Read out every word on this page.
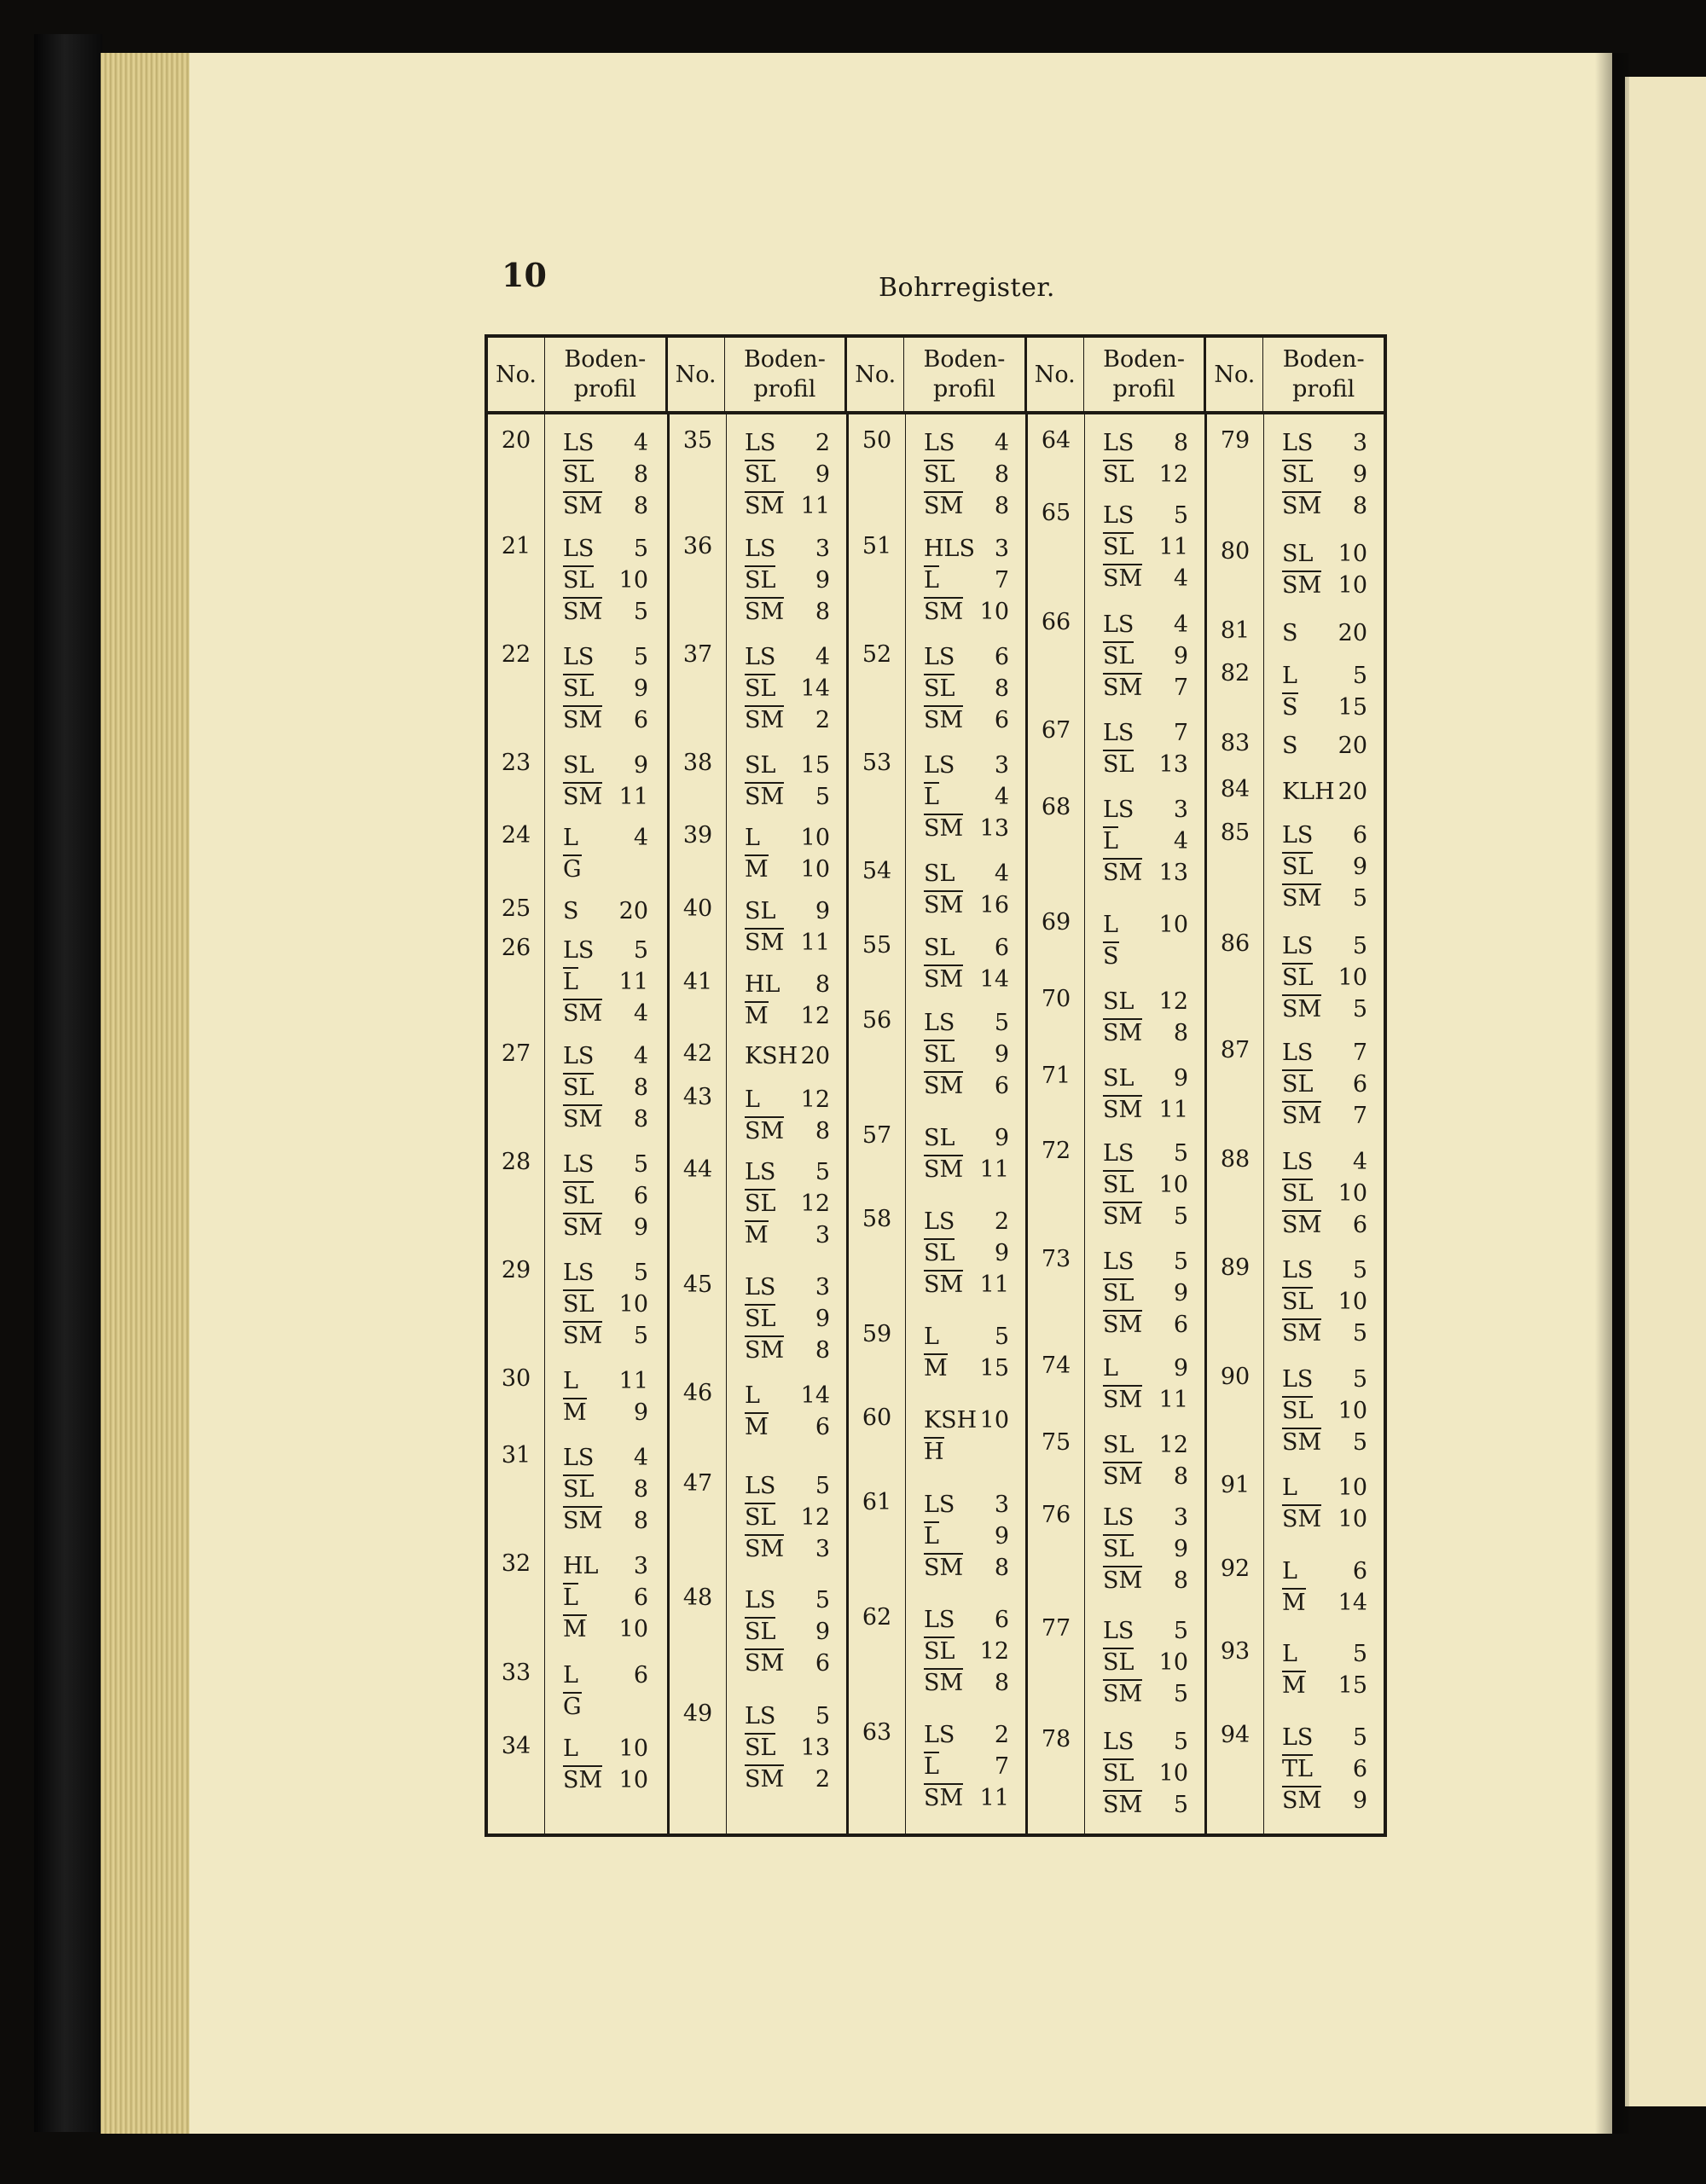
10	Bohrregister.
No.
Boden-
profil
No.
Boden-
profil
No.
Boden-
profil
No.
Boden-
profil
No.
Boden-
profil
20	LS	4
SL	8
SM	8
21	LS	5
SL	10
SM	5
22	LS	5
SL	9
SM	6
23	SL	9
SM 11
24	L	4
G
25	S	20
26	LS	5
L	11
SM	4
27	LS	4
SL	8
SM	8
28	LS	5
SL	6
SM	9
29	LS	5
SL	10
SM	5
30	L	11
M	9
31	LS	4
SL	8
SM	8
32	HL	3
L	6
M	10
33	L	6
G
34	L	10
SM 10
35	LS	2
SL	9
SM 11
36	LS	3
SL	9
SM	8
37	LS	4
SL	14
SM	2
38	SL	15
SM	5
39	L	10
M	10
40	SL	9
SM 11
41	HL	8
M	12
42	KSH 20
43	L	12
SM	8
44	LS	5
SL	12
M	3
45	LS	3
SL	9
SM	8
46	L	14
M	6
47	LS	5
SL	12
SM	3
48	LS	5
SL	9
SM	6
49	LS	5
SL	13
SM	2
50	LS	4
SL	8
SM	8
51	HLS 3
L	7
SM 10
52	LS	6
SL	8
SM	6
53	LS	3
L	4
SM 13
54	SL	4
SM 16
55	SL	6
SM 14
56	LS	5
SL	9
SM	6
57	SL	9
SM 11
58	LS	2
SL	9
SM 11
59	L	5
M	15
60	KSH 10
H
61	LS	3
L	9
SM	8
62	LS	6
SL	12
SM	8
63	LS	2
L	7
SM 11
64	LS	8
SL	12
65	LS	5
SL	11
SM	4
66	LS	4
SL	9
SM	7
67	LS	7
SL	13
68	LS	3
L	4
SM 13
69	L	10
S
70	SL	12
SM	8
71	SL	9
SM 11
72	LS	5
SL	10
SM	5
73	LS	5
SL	9
SM	6
74	L	9
SM 11
75	SL	12
SM	8
76	LS	3
SL	9
SM	8
77	LS	5
SL	10
SM	5
78	LS	5
SL	10
SM	5
79	LS	3
SL	9
SM	8
80	SL	10
SM 10
81	S	20
82	L	5
S	15
83	S	20
84	KLH 20
85	LS	6
SL	9
SM	5
86	LS	5
SL	10
SM	5
87	LS	7
SL	6
SM	7
88	LS	4
SL	10
SM	6
89	LS	5
SL	10
SM	5
90	LS	5
SL	10
SM	5
91	L	10
SM 10
92	L	6
M	14
93	L	5
M	15
94	LS	5
TL	6
SM	9
